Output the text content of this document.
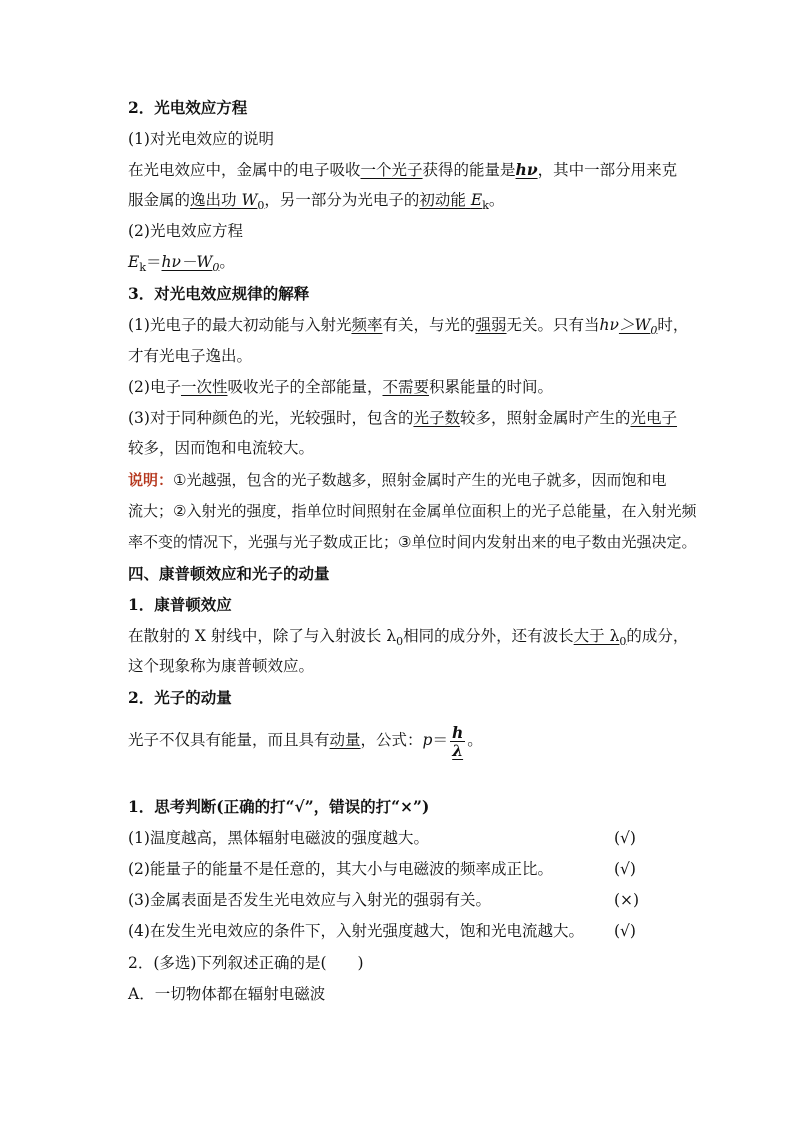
2．光电效应方程
(1)对光电效应的说明
在光电效应中，金属中的电子吸收一个光子获得的能量是hν，其中一部分用来克
服金属的逸出功 $W_0$，另一部分为光电子的初动能 $E_k$。
(2)光电效应方程
$E_k=h\nu-W_0$。
3．对光电效应规律的解释
(1)光电子的最大初动能与入射光频率有关，与光的强弱无关。只有当$h\nu>W_0$时，
才有光电子逸出。
(2)电子一次性吸收光子的全部能量，不需要积累能量的时间。
(3)对于同种颜色的光，光较强时，包含的光子数较多，照射金属时产生的光电子
较多，因而饱和电流较大。
说明：①光越强，包含的光子数越多，照射金属时产生的光电子就多，因而饱和电
流大；②入射光的强度，指单位时间照射在金属单位面积上的光子总能量，在入射光频
率不变的情况下，光强与光子数成正比；③单位时间内发射出来的电子数由光强决定。
四、康普顿效应和光子的动量
1．康普顿效应
在散射的 X 射线中，除了与入射波长 $\lambda_0$相同的成分外，还有波长大于 $\lambda_0$的成分，
这个现象称为康普顿效应。
2．光子的动量
光子不仅具有能量，而且具有动量，公式：$p= \frac{h}{\lambda}$ 。
1．思考判断(正确的打“√”，错误的打“×”)
(1)温度越高，黑体辐射电磁波的强度越大。	(√)
(2)能量子的能量不是任意的，其大小与电磁波的频率成正比。	(√)
(3)金属表面是否发生光电效应与入射光的强弱有关。	(×)
(4)在发生光电效应的条件下，入射光强度越大，饱和光电流越大。 (√)
2．(多选)下列叙述正确的是(　　)
A．一切物体都在辐射电磁波
